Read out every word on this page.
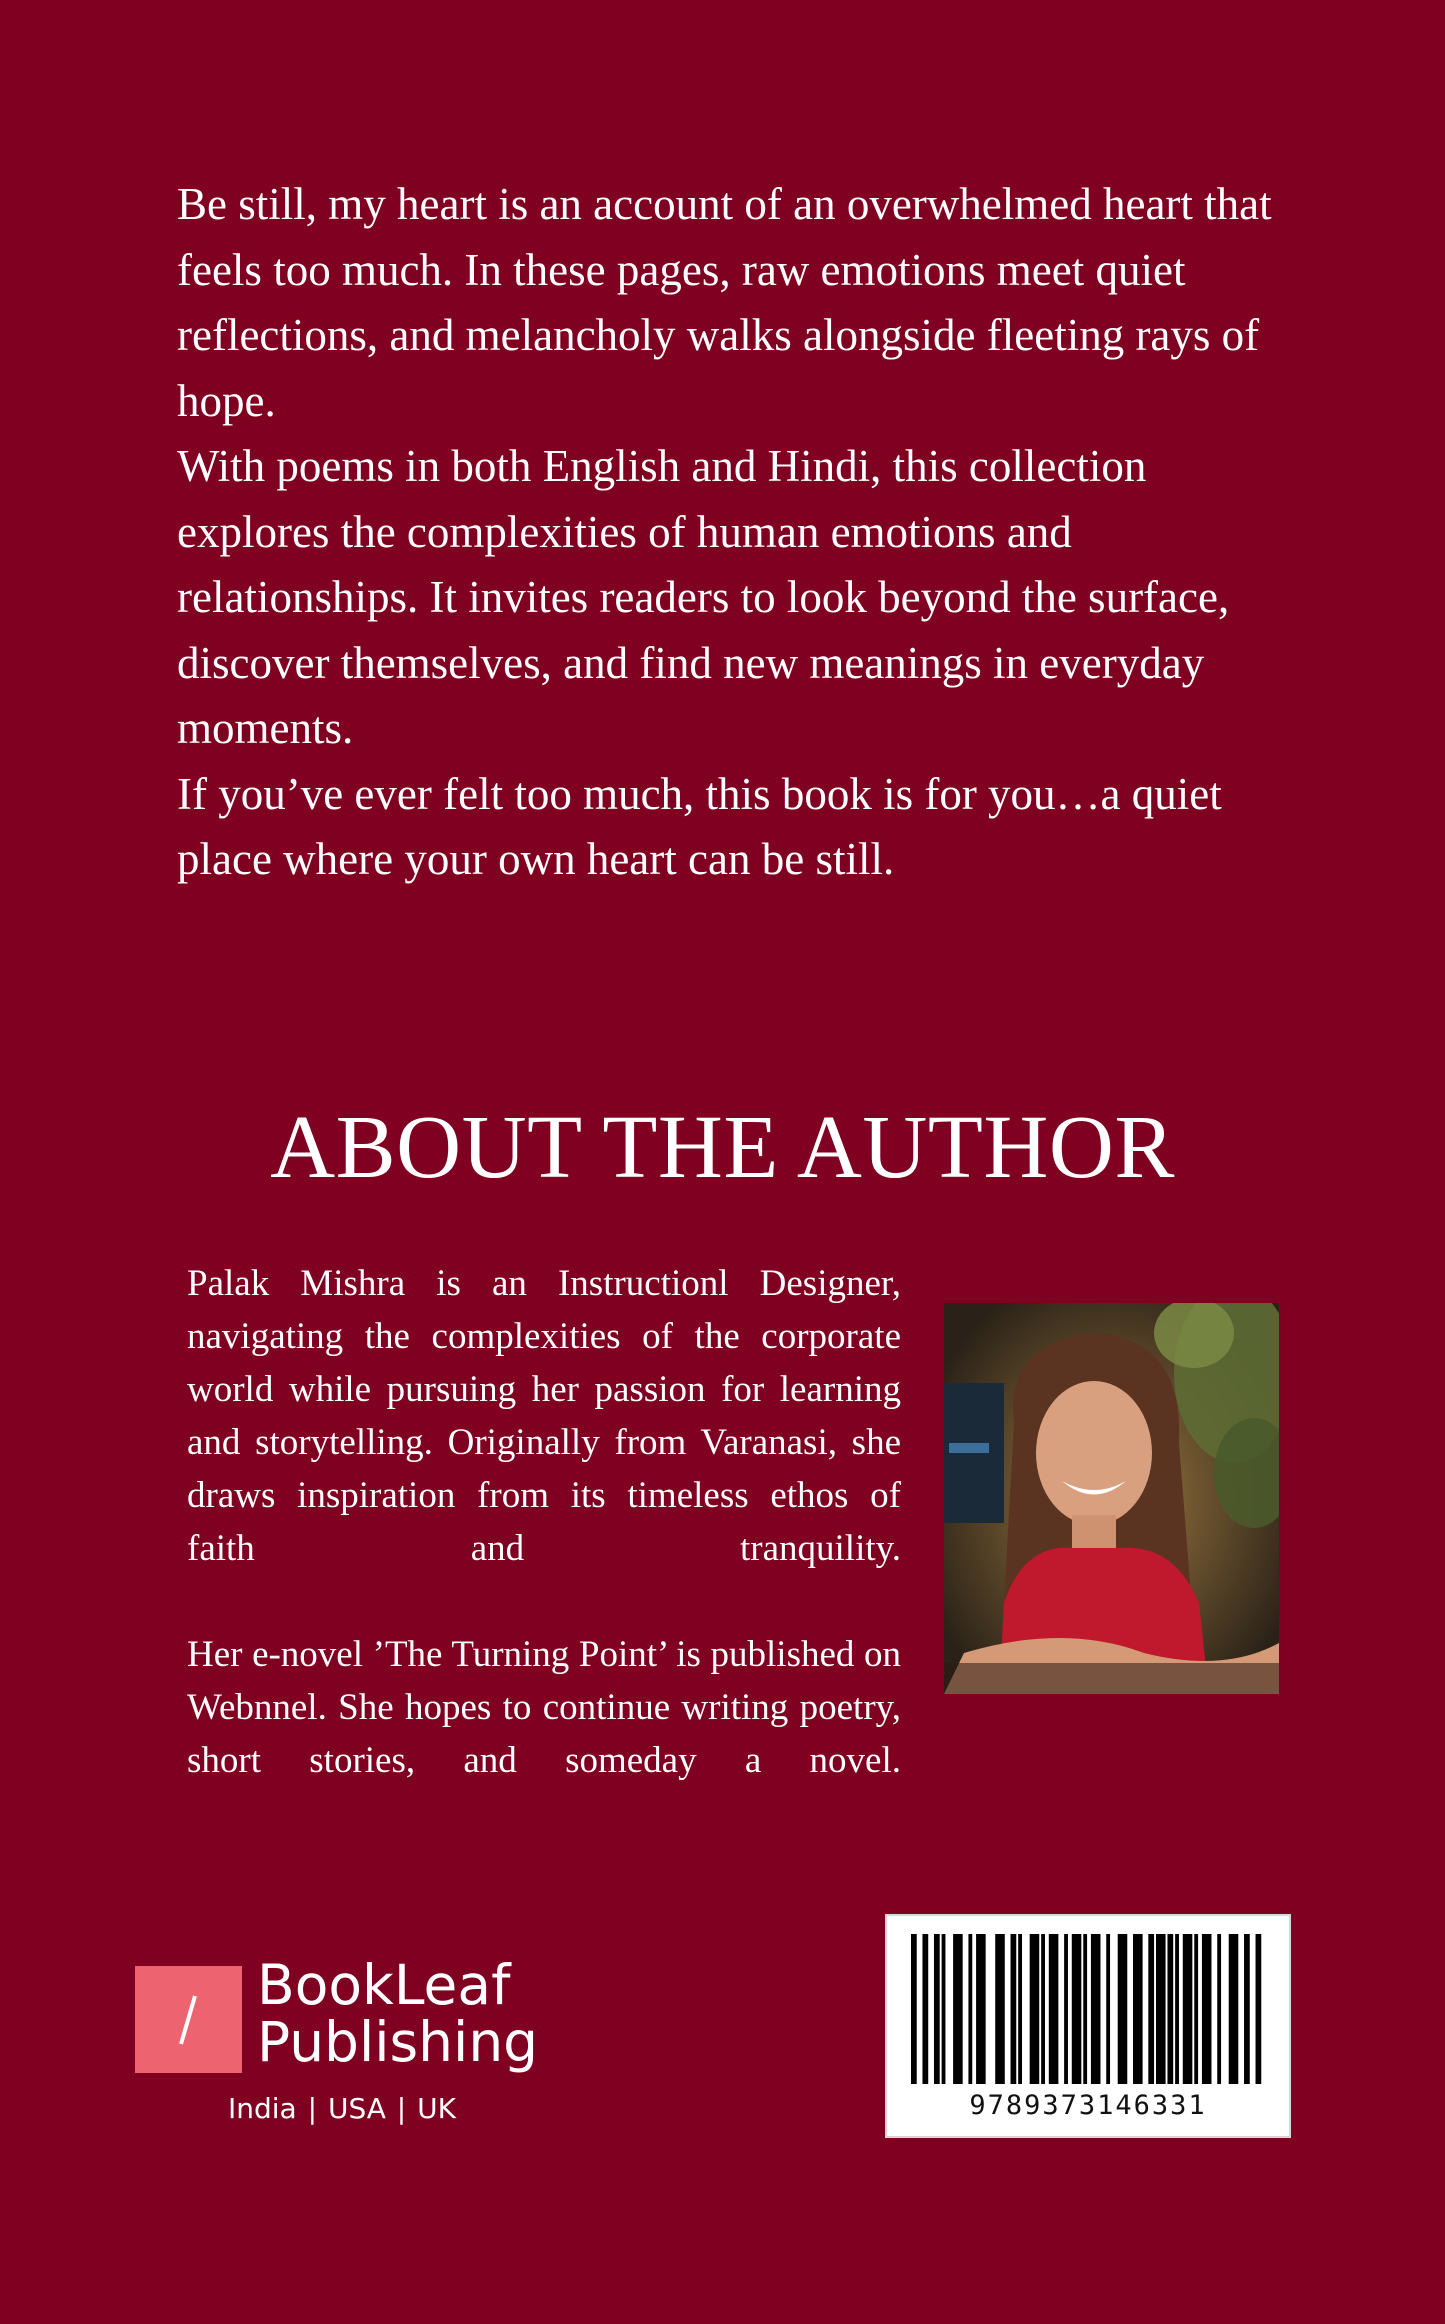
Be still, my heart is an account of an overwhelmed heart that feels too much. In these pages, raw emotions meet quiet reflections, and melancholy walks alongside fleeting rays of hope.

With poems in both English and Hindi, this collection explores the complexities of human emotions and relationships. It invites readers to look beyond the surface, discover themselves, and find new meanings in everyday moments.

If you’ve ever felt too much, this book is for you…a quiet place where your own heart can be still.

ABOUT THE AUTHOR

Palak Mishra is an Instructionl Designer, navigating the complexities of the corporate world while pursuing her passion for learning and storytelling. Originally from Varanasi, she draws inspiration from its timeless ethos of faith and tranquility.

Her e-novel ’The Turning Point’ is published on Webnnel. She hopes to continue writing poetry, short stories, and someday a novel.

BookLeaf
Publishing
India | USA | UK	9789373146331
